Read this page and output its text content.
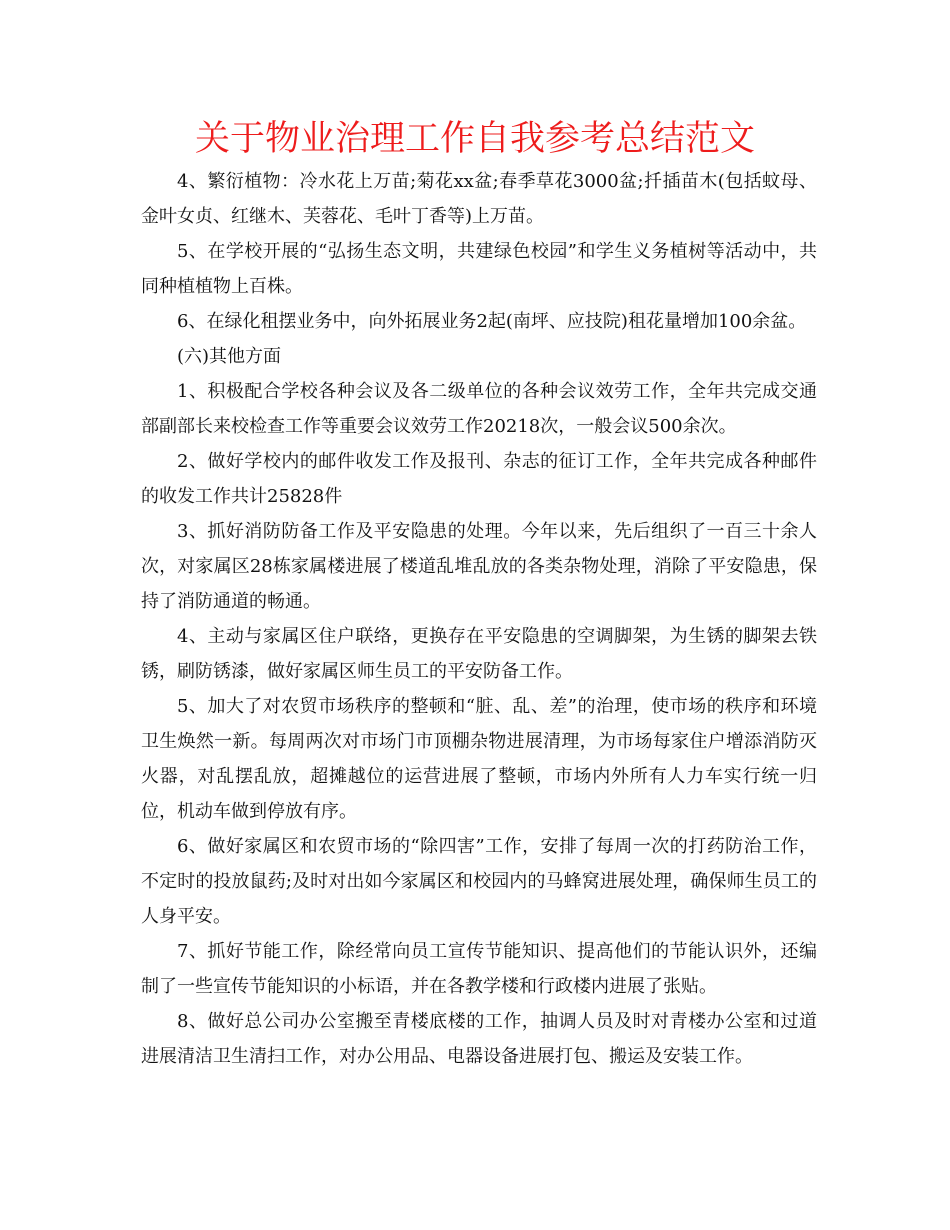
关于物业治理工作自我参考总结范文

4、繁衍植物：冷水花上万苗;菊花xx盆;春季草花3000盆;扦插苗木(包括蚊母、金叶女贞、红继木、芙蓉花、毛叶丁香等)上万苗。

5、在学校开展的“弘扬生态文明，共建绿色校园”和学生义务植树等活动中，共同种植植物上百株。

6、在绿化租摆业务中，向外拓展业务2起(南坪、应技院)租花量增加100余盆。

(六)其他方面

1、积极配合学校各种会议及各二级单位的各种会议效劳工作，全年共完成交通部副部长来校检查工作等重要会议效劳工作20218次，一般会议500余次。

2、做好学校内的邮件收发工作及报刊、杂志的征订工作，全年共完成各种邮件的收发工作共计25828件

3、抓好消防防备工作及平安隐患的处理。今年以来，先后组织了一百三十余人次，对家属区28栋家属楼进展了楼道乱堆乱放的各类杂物处理，消除了平安隐患，保持了消防通道的畅通。

4、主动与家属区住户联络，更换存在平安隐患的空调脚架，为生锈的脚架去铁锈，刷防锈漆，做好家属区师生员工的平安防备工作。

5、加大了对农贸市场秩序的整顿和“脏、乱、差”的治理，使市场的秩序和环境卫生焕然一新。每周两次对市场门市顶棚杂物进展清理，为市场每家住户增添消防灭火器，对乱摆乱放，超摊越位的运营进展了整顿，市场内外所有人力车实行统一归位，机动车做到停放有序。

6、做好家属区和农贸市场的“除四害”工作，安排了每周一次的打药防治工作，不定时的投放鼠药;及时对出如今家属区和校园内的马蜂窝进展处理，确保师生员工的人身平安。

7、抓好节能工作，除经常向员工宣传节能知识、提高他们的节能认识外，还编制了一些宣传节能知识的小标语，并在各教学楼和行政楼内进展了张贴。

8、做好总公司办公室搬至青楼底楼的工作，抽调人员及时对青楼办公室和过道进展清洁卫生清扫工作，对办公用品、电器设备进展打包、搬运及安装工作。
